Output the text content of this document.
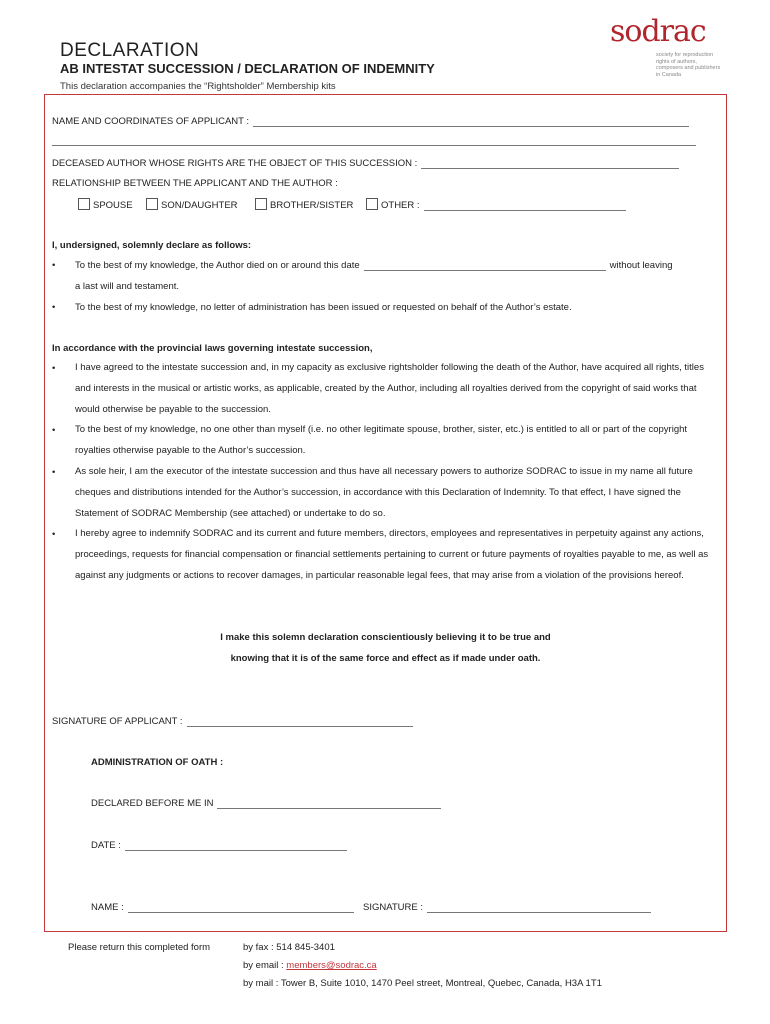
DECLARATION
AB INTESTAT SUCCESSION / DECLARATION OF INDEMNITY
This declaration accompanies the “Rightsholder” Membership kits
sodrac
society for reproduction
rights of authors,
composers and publishers
in Canada
NAME AND COORDINATES OF APPLICANT :
DECEASED AUTHOR WHOSE RIGHTS ARE THE OBJECT OF THIS SUCCESSION :
RELATIONSHIP BETWEEN THE APPLICANT AND THE AUTHOR :
SPOUSE	SON/DAUGHTER	BROTHER/SISTER	OTHER :
I, undersigned, solemnly declare as follows:
• To the best of my knowledge, the Author died on or around this date	without leaving
a last will and testament.
• To the best of my knowledge, no letter of administration has been issued or requested on behalf of the Author’s estate.
In accordance with the provincial laws governing intestate succession,
• I have agreed to the intestate succession and, in my capacity as exclusive rightsholder following the death of the Author, have acquired all rights, titles and interests in the musical or artistic works, as applicable, created by the Author, including all royalties derived from the copyright of said works that would otherwise be payable to the succession.
• To the best of my knowledge, no one other than myself (i.e. no other legitimate spouse, brother, sister, etc.) is entitled to all or part of the copyright royalties otherwise payable to the Author’s succession.
• As sole heir, I am the executor of the intestate succession and thus have all necessary powers to authorize SODRAC to issue in my name all future cheques and distributions intended for the Author’s succession, in accordance with this Declaration of Indemnity. To that effect, I have signed the Statement of SODRAC Membership (see attached) or undertake to do so.
• I hereby agree to indemnify SODRAC and its current and future members, directors, employees and representatives in perpetuity against any actions, proceedings, requests for financial compensation or financial settlements pertaining to current or future payments of royalties payable to me, as well as against any judgments or actions to recover damages, in particular reasonable legal fees, that may arise from a violation of the provisions hereof.
I make this solemn declaration conscientiously believing it to be true and
knowing that it is of the same force and effect as if made under oath.
SIGNATURE OF APPLICANT :
ADMINISTRATION OF OATH :
DECLARED BEFORE ME IN
DATE :
NAME :	SIGNATURE :
Please return this completed form	by fax : 514 845-3401
by email : members@sodrac.ca
by mail : Tower B, Suite 1010, 1470 Peel street, Montreal, Quebec, Canada, H3A 1T1
